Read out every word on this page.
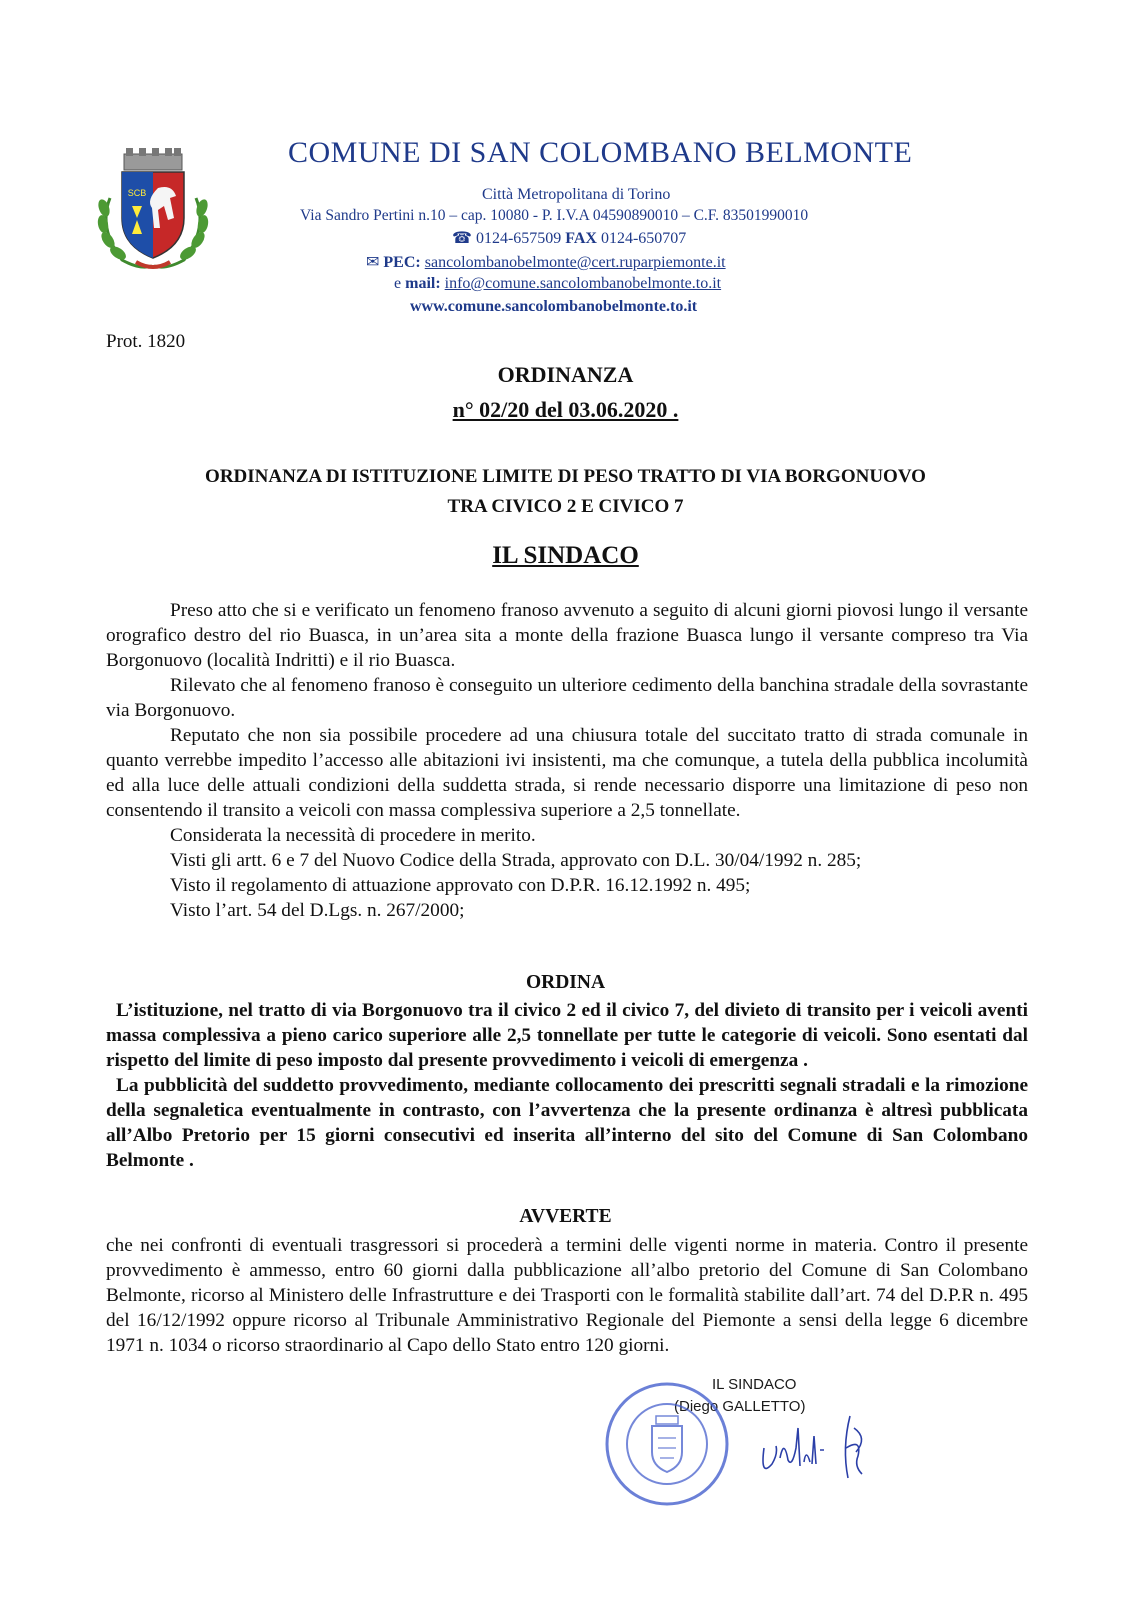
SCB
COMUNE DI SAN COLOMBANO BELMONTE
Città Metropolitana di Torino
Via Sandro Pertini n.10 – cap. 10080 - P. I.V.A 04590890010 – C.F. 83501990010
☎ 0124-657509 FAX 0124-650707
✉ PEC: sancolombanobelmonte@cert.ruparpiemonte.it
e mail: info@comune.sancolombanobelmonte.to.it
www.comune.sancolombanobelmonte.to.it
Prot. 1820
ORDINANZA
n° 02/20 del 03.06.2020 .
ORDINANZA DI ISTITUZIONE LIMITE DI PESO TRATTO DI VIA BORGONUOVO
TRA CIVICO 2 E CIVICO 7
IL SINDACO

Preso atto che si e verificato un fenomeno franoso avvenuto a seguito di alcuni giorni piovosi lungo il versante orografico destro del rio Buasca, in un’area sita a monte della frazione Buasca lungo il versante compreso tra Via Borgonuovo (località Indritti) e il rio Buasca.

Rilevato che al fenomeno franoso è conseguito un ulteriore cedimento della banchina stradale della sovrastante via Borgonuovo.

Reputato che non sia possibile procedere ad una chiusura totale del succitato tratto di strada comunale in quanto verrebbe impedito l’accesso alle abitazioni ivi insistenti, ma che comunque, a tutela della pubblica incolumità ed alla luce delle attuali condizioni della suddetta strada, si rende necessario disporre una limitazione di peso non consentendo il transito a veicoli con massa complessiva superiore a 2,5 tonnellate.

Considerata la necessità di procedere in merito.

Visti gli artt. 6 e 7 del Nuovo Codice della Strada, approvato con D.L. 30/04/1992 n. 285;

Visto il regolamento di attuazione approvato con D.P.R. 16.12.1992 n. 495;

Visto l’art. 54 del D.Lgs. n. 267/2000;

ORDINA

L’istituzione, nel tratto di via Borgonuovo tra il civico 2 ed il civico 7, del divieto di transito per i veicoli aventi massa complessiva a pieno carico superiore alle 2,5 tonnellate per tutte le categorie di veicoli. Sono esentati dal rispetto del limite di peso imposto dal presente provvedimento i veicoli di emergenza .

La pubblicità del suddetto provvedimento, mediante collocamento dei prescritti segnali stradali e la rimozione della segnaletica eventualmente in contrasto, con l’avvertenza che la presente ordinanza è altresì pubblicata all’Albo Pretorio per 15 giorni consecutivi ed inserita all’interno del sito del Comune di San Colombano Belmonte .

AVVERTE

che nei confronti di eventuali trasgressori si procederà a termini delle vigenti norme in materia. Contro il presente provvedimento è ammesso, entro 60 giorni dalla pubblicazione all’albo pretorio del Comune di San Colombano Belmonte, ricorso al Ministero delle Infrastrutture e dei Trasporti con le formalità stabilite dall’art. 74 del D.P.R n. 495 del 16/12/1992 oppure ricorso al Tribunale Amministrativo Regionale del Piemonte a sensi della legge 6 dicembre 1971 n. 1034 o ricorso straordinario al Capo dello Stato entro 120 giorni.

IL SINDACO
(Diego GALLETTO)
